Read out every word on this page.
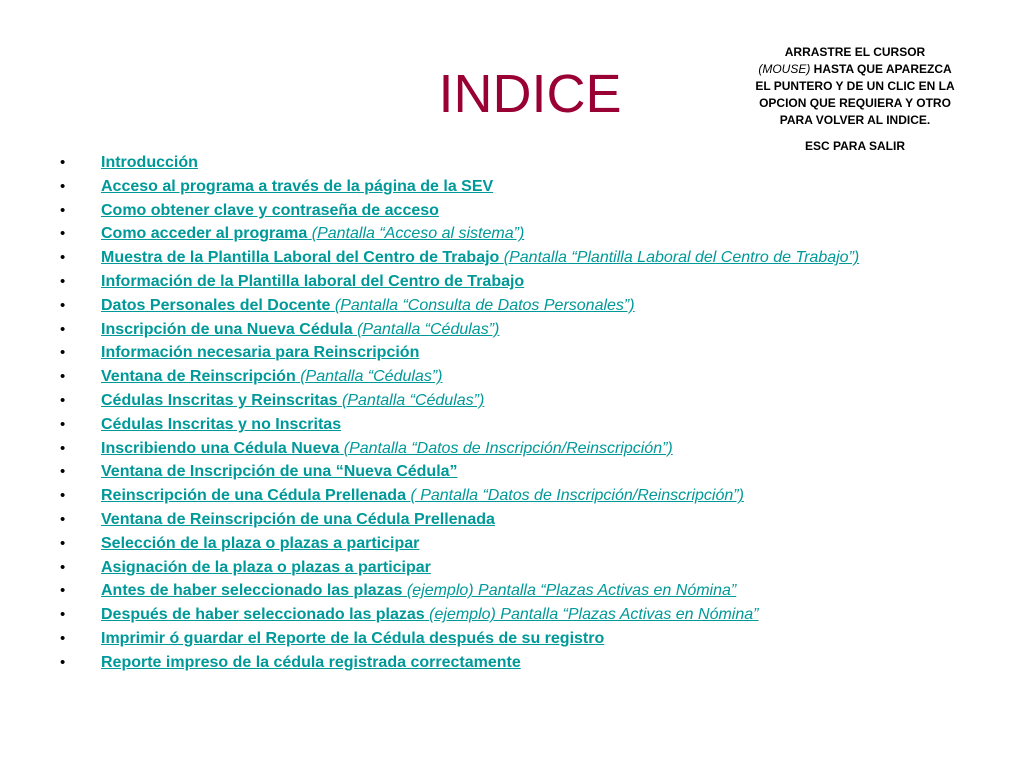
INDICE

ARRASTRE EL CURSOR
(MOUSE) HASTA QUE APAREZCA EL PUNTERO Y DE UN CLIC EN LA OPCION QUE REQUIERA Y OTRO PARA VOLVER AL INDICE.

ESC PARA SALIR

• Introducción
• Acceso al programa a través de la página de la SEV
• Como obtener clave y contraseña de acceso
• Como acceder al programa (Pantalla “Acceso al sistema”)
• Muestra de la Plantilla Laboral del Centro de Trabajo (Pantalla “Plantilla Laboral del Centro de Trabajo”)
• Información de la Plantilla laboral del Centro de Trabajo
• Datos Personales del Docente (Pantalla “Consulta de Datos Personales”)
• Inscripción de una Nueva Cédula (Pantalla “Cédulas”)
• Información necesaria para Reinscripción
• Ventana de Reinscripción (Pantalla “Cédulas”)
• Cédulas Inscritas y Reinscritas (Pantalla “Cédulas”)
• Cédulas Inscritas y no Inscritas
• Inscribiendo una Cédula Nueva (Pantalla “Datos de Inscripción/Reinscripción”)
• Ventana de Inscripción de una “Nueva Cédula”
• Reinscripción de una Cédula Prellenada ( Pantalla “Datos de Inscripción/Reinscripción”)
• Ventana de Reinscripción de una Cédula Prellenada
• Selección de la plaza o plazas a participar
• Asignación de la plaza o plazas a participar
• Antes de haber seleccionado las plazas (ejemplo) Pantalla “Plazas Activas en Nómina”
• Después de haber seleccionado las plazas (ejemplo) Pantalla “Plazas Activas en Nómina”
• Imprimir ó guardar el Reporte de la Cédula después de su registro
• Reporte impreso de la cédula registrada correctamente
